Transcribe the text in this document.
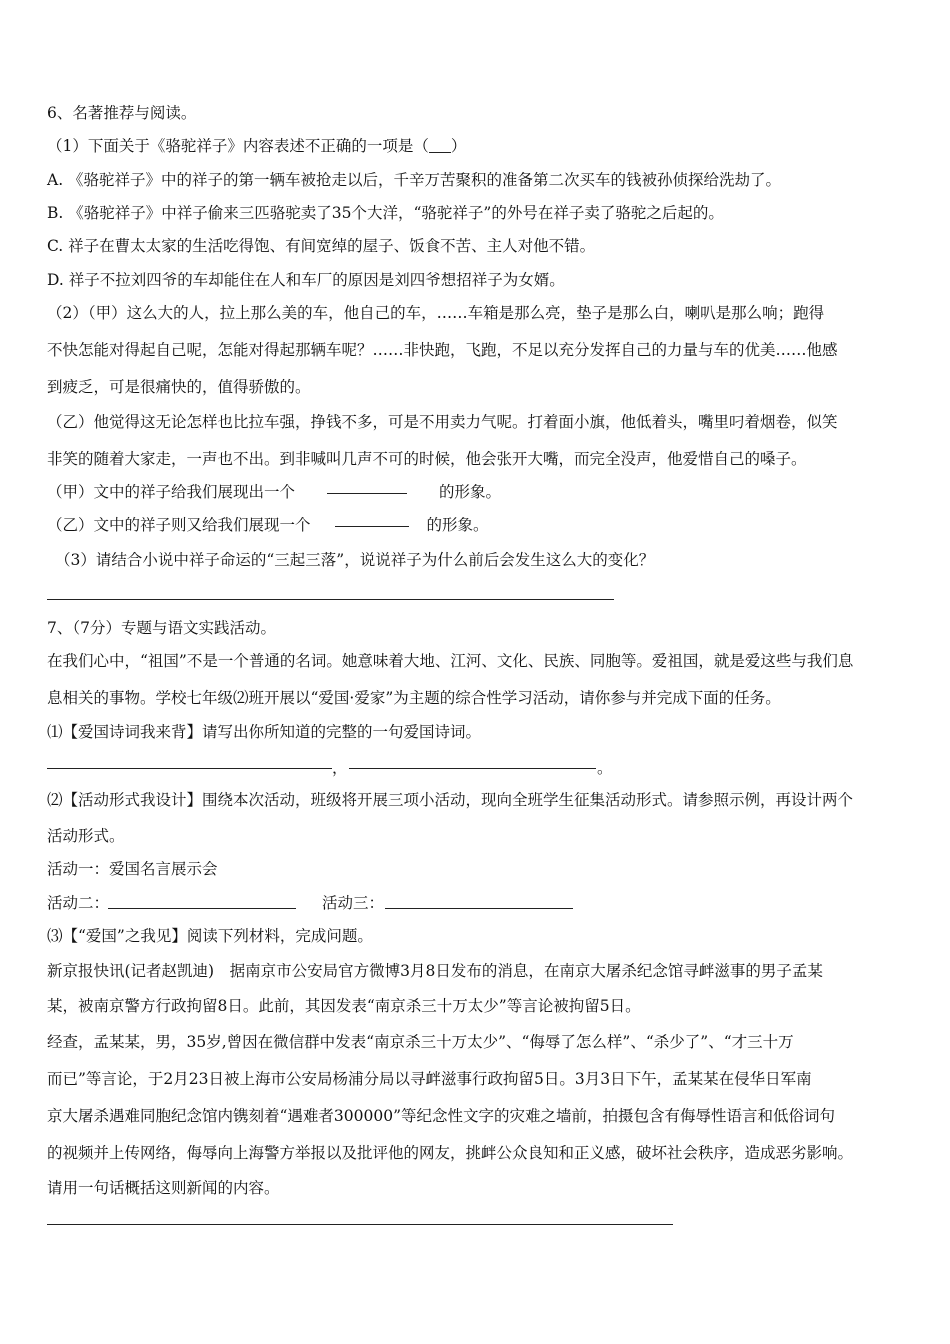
6、名著推荐与阅读。
（1）下面关于《骆驼祥子》内容表述不正确的一项是（ ）
A. 《骆驼祥子》中的祥子的第一辆车被抢走以后，千辛万苦聚积的准备第二次买车的钱被孙侦探给洗劫了。
B. 《骆驼祥子》中祥子偷来三匹骆驼卖了35个大洋，“骆驼祥子”的外号在祥子卖了骆驼之后起的。
C. 祥子在曹太太家的生活吃得饱、有间宽绰的屋子、饭食不苦、主人对他不错。
D. 祥子不拉刘四爷的车却能住在人和车厂的原因是刘四爷想招祥子为女婿。
（2）（甲）这么大的人，拉上那么美的车，他自己的车，……车箱是那么亮，垫子是那么白，喇叭是那么响；跑得
不快怎能对得起自己呢，怎能对得起那辆车呢？……非快跑，飞跑，不足以充分发挥自己的力量与车的优美……他感
到疲乏，可是很痛快的，值得骄傲的。
（乙）他觉得这无论怎样也比拉车强，挣钱不多，可是不用卖力气呢。打着面小旗，他低着头，嘴里叼着烟卷，似笑
非笑的随着大家走，一声也不出。到非喊叫几声不可的时候，他会张开大嘴，而完全没声，他爱惜自己的嗓子。
（甲）文中的祥子给我们展现出一个	的形象。
（乙）文中的祥子则又给我们展现一个	的形象。
（3）请结合小说中祥子命运的“三起三落”，说说祥子为什么前后会发生这么大的变化？
7、（7分）专题与语文实践活动。
在我们心中，“祖国”不是一个普通的名词。她意味着大地、江河、文化、民族、同胞等。爱祖国，就是爱这些与我们息
息相关的事物。学校七年级⑵班开展以“爱国·爱家”为主题的综合性学习活动，请你参与并完成下面的任务。
⑴【爱国诗词我来背】请写出你所知道的完整的一句爱国诗词。
，	。
⑵【活动形式我设计】围绕本次活动，班级将开展三项小活动，现向全班学生征集活动形式。请参照示例，再设计两个
活动形式。
活动一：爱国名言展示会
活动二：	活动三：
⑶【“爱国”之我见】阅读下列材料，完成问题。
新京报快讯(记者赵凯迪)　据南京市公安局官方微博3月8日发布的消息，在南京大屠杀纪念馆寻衅滋事的男子孟某
某，被南京警方行政拘留8日。此前，其因发表“南京杀三十万太少”等言论被拘留5日。
经查，孟某某，男，35岁,曾因在微信群中发表“南京杀三十万太少”、“侮辱了怎么样”、“杀少了”、“才三十万
而已”等言论，于2月23日被上海市公安局杨浦分局以寻衅滋事行政拘留5日。3月3日下午，孟某某在侵华日军南
京大屠杀遇难同胞纪念馆内镌刻着“遇难者300000”等纪念性文字的灾难之墙前，拍摄包含有侮辱性语言和低俗词句
的视频并上传网络，侮辱向上海警方举报以及批评他的网友，挑衅公众良知和正义感，破坏社会秩序，造成恶劣影响。
请用一句话概括这则新闻的内容。
